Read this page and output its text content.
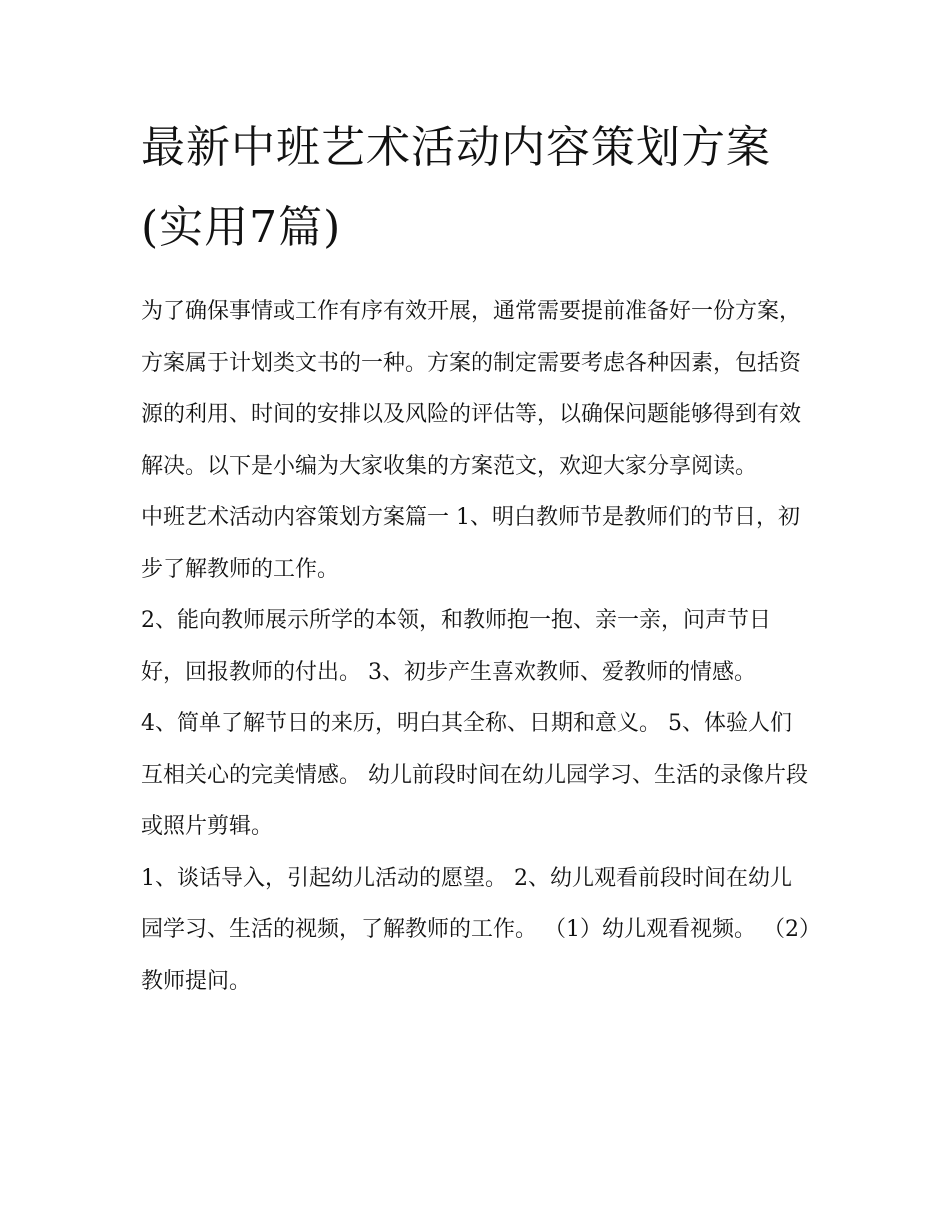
最新中班艺术活动内容策划方案(实用7篇)

为了确保事情或工作有序有效开展，通常需要提前准备好一份方案，方案属于计划类文书的一种。方案的制定需要考虑各种因素，包括资源的利用、时间的安排以及风险的评估等，以确保问题能够得到有效解决。以下是小编为大家收集的方案范文，欢迎大家分享阅读。

中班艺术活动内容策划方案篇一 1、明白教师节是教师们的节日，初步了解教师的工作。

2、能向教师展示所学的本领，和教师抱一抱、亲一亲，问声节日好，回报教师的付出。 3、初步产生喜欢教师、爱教师的情感。

4、简单了解节日的来历，明白其全称、日期和意义。 5、体验人们互相关心的完美情感。 幼儿前段时间在幼儿园学习、生活的录像片段或照片剪辑。

1、谈话导入，引起幼儿活动的愿望。 2、幼儿观看前段时间在幼儿园学习、生活的视频，了解教师的工作。 （1）幼儿观看视频。 （2）教师提问。
